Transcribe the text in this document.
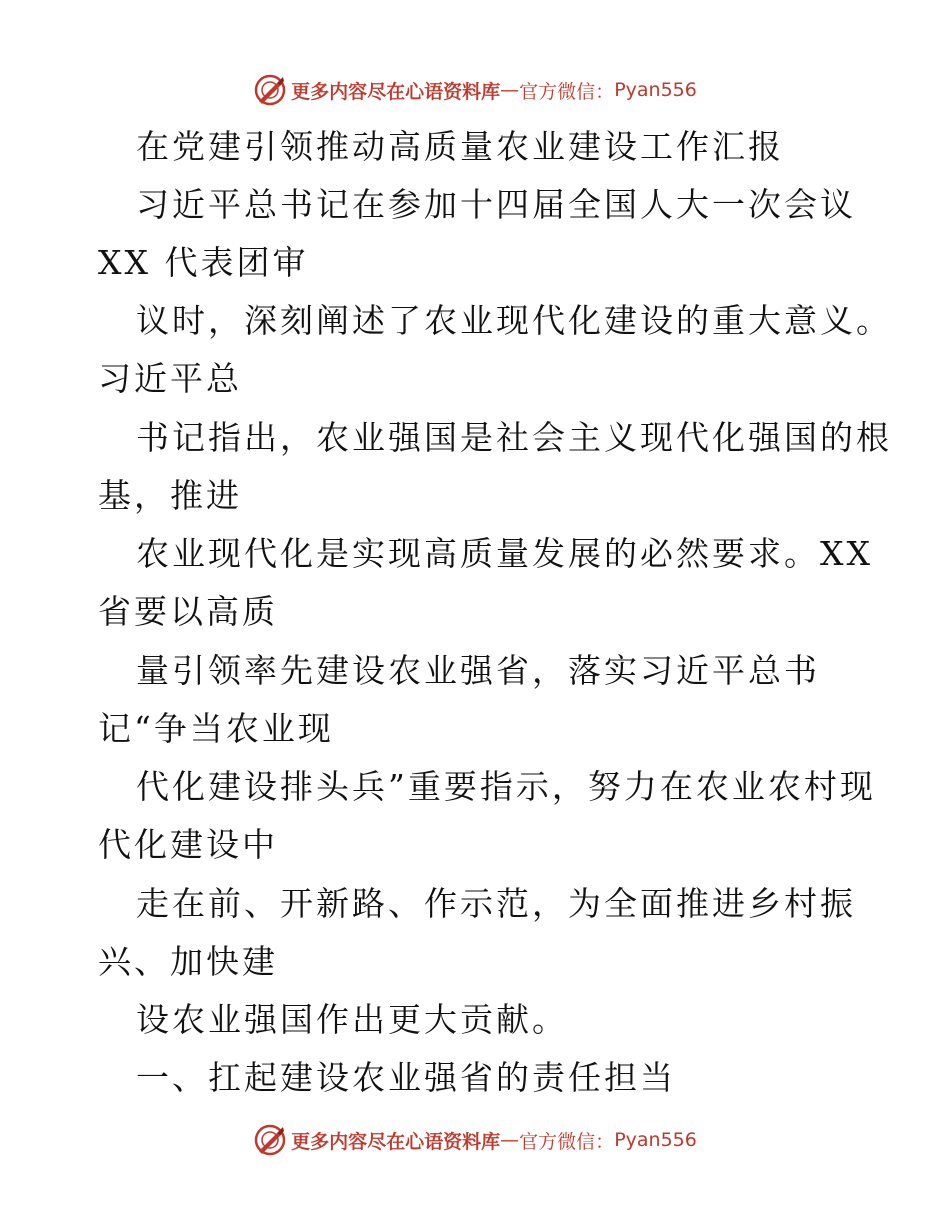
更多内容尽在心语资料库 — 官方微信： Pyan556
在党建引领推动高质量农业建设工作汇报
习近平总书记在参加十四届全国人大一次会议
XX 代表团审
议时，深刻阐述了农业现代化建设的重大意义。
习近平总
书记指出，农业强国是社会主义现代化强国的根
基，推进
农业现代化是实现高质量发展的必然要求。XX
省要以高质
量引领率先建设农业强省，落实习近平总书
记“争当农业现
代化建设排头兵”重要指示，努力在农业农村现
代化建设中
走在前、开新路、作示范，为全面推进乡村振
兴、加快建
设农业强国作出更大贡献。
一、扛起建设农业强省的责任担当
更多内容尽在心语资料库 — 官方微信： Pyan556
